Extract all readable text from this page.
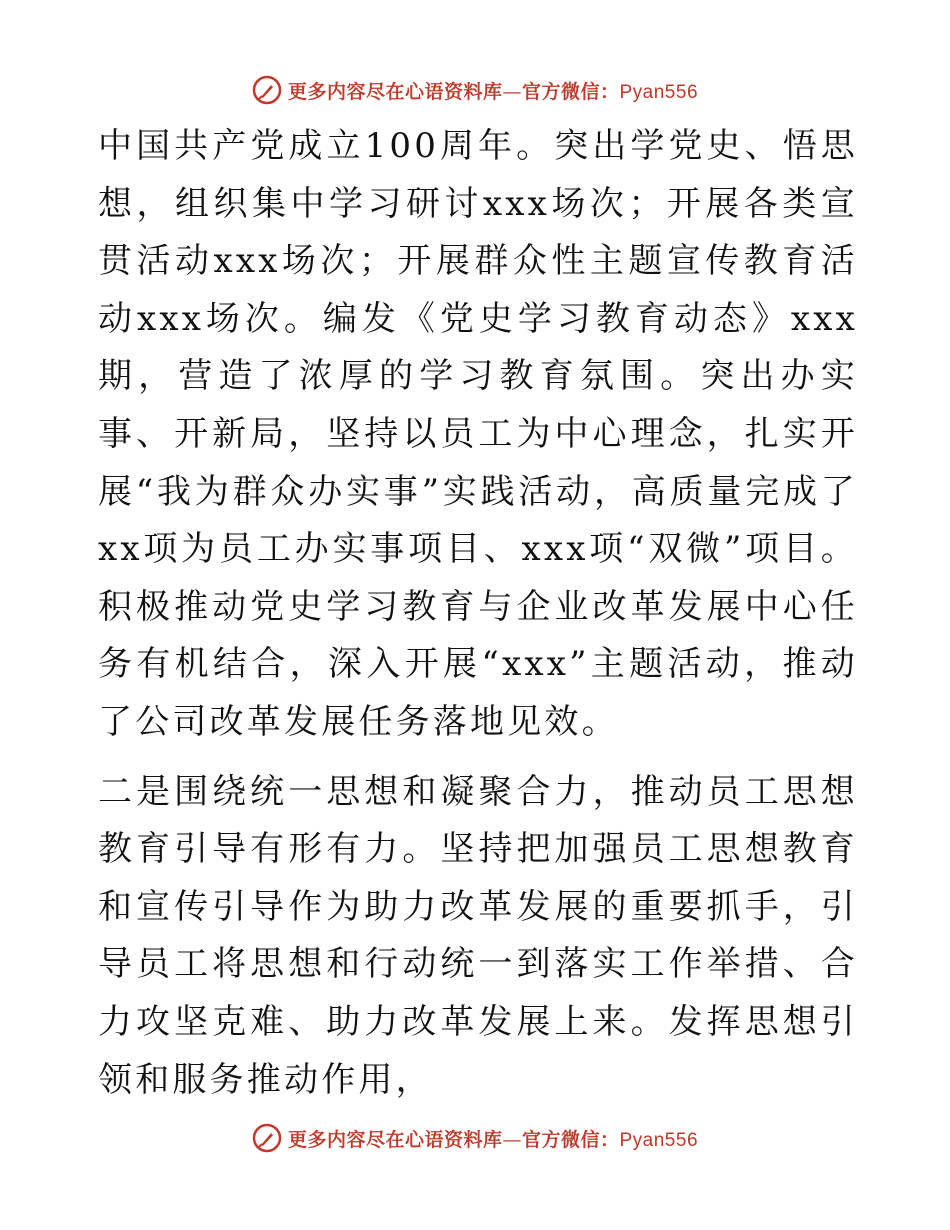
更多内容尽在心语资料库—官方微信：Pyan556

中国共产党成立100周年。突出学党史、悟思想，组织集中学习研讨xxx场次；开展各类宣贯活动xxx场次；开展群众性主题宣传教育活动xxx场次。编发《党史学习教育动态》xxx期，营造了浓厚的学习教育氛围。突出办实事、开新局，坚持以员工为中心理念，扎实开展“我为群众办实事”实践活动，高质量完成了xx项为员工办实事项目、xxx项“双微”项目。积极推动党史学习教育与企业改革发展中心任务有机结合，深入开展“xxx”主题活动，推动了公司改革发展任务落地见效。

二是围绕统一思想和凝聚合力，推动员工思想教育引导有形有力。坚持把加强员工思想教育和宣传引导作为助力改革发展的重要抓手，引导员工将思想和行动统一到落实工作举措、合力攻坚克难、助力改革发展上来。发挥思想引领和服务推动作用，

更多内容尽在心语资料库—官方微信：Pyan556
